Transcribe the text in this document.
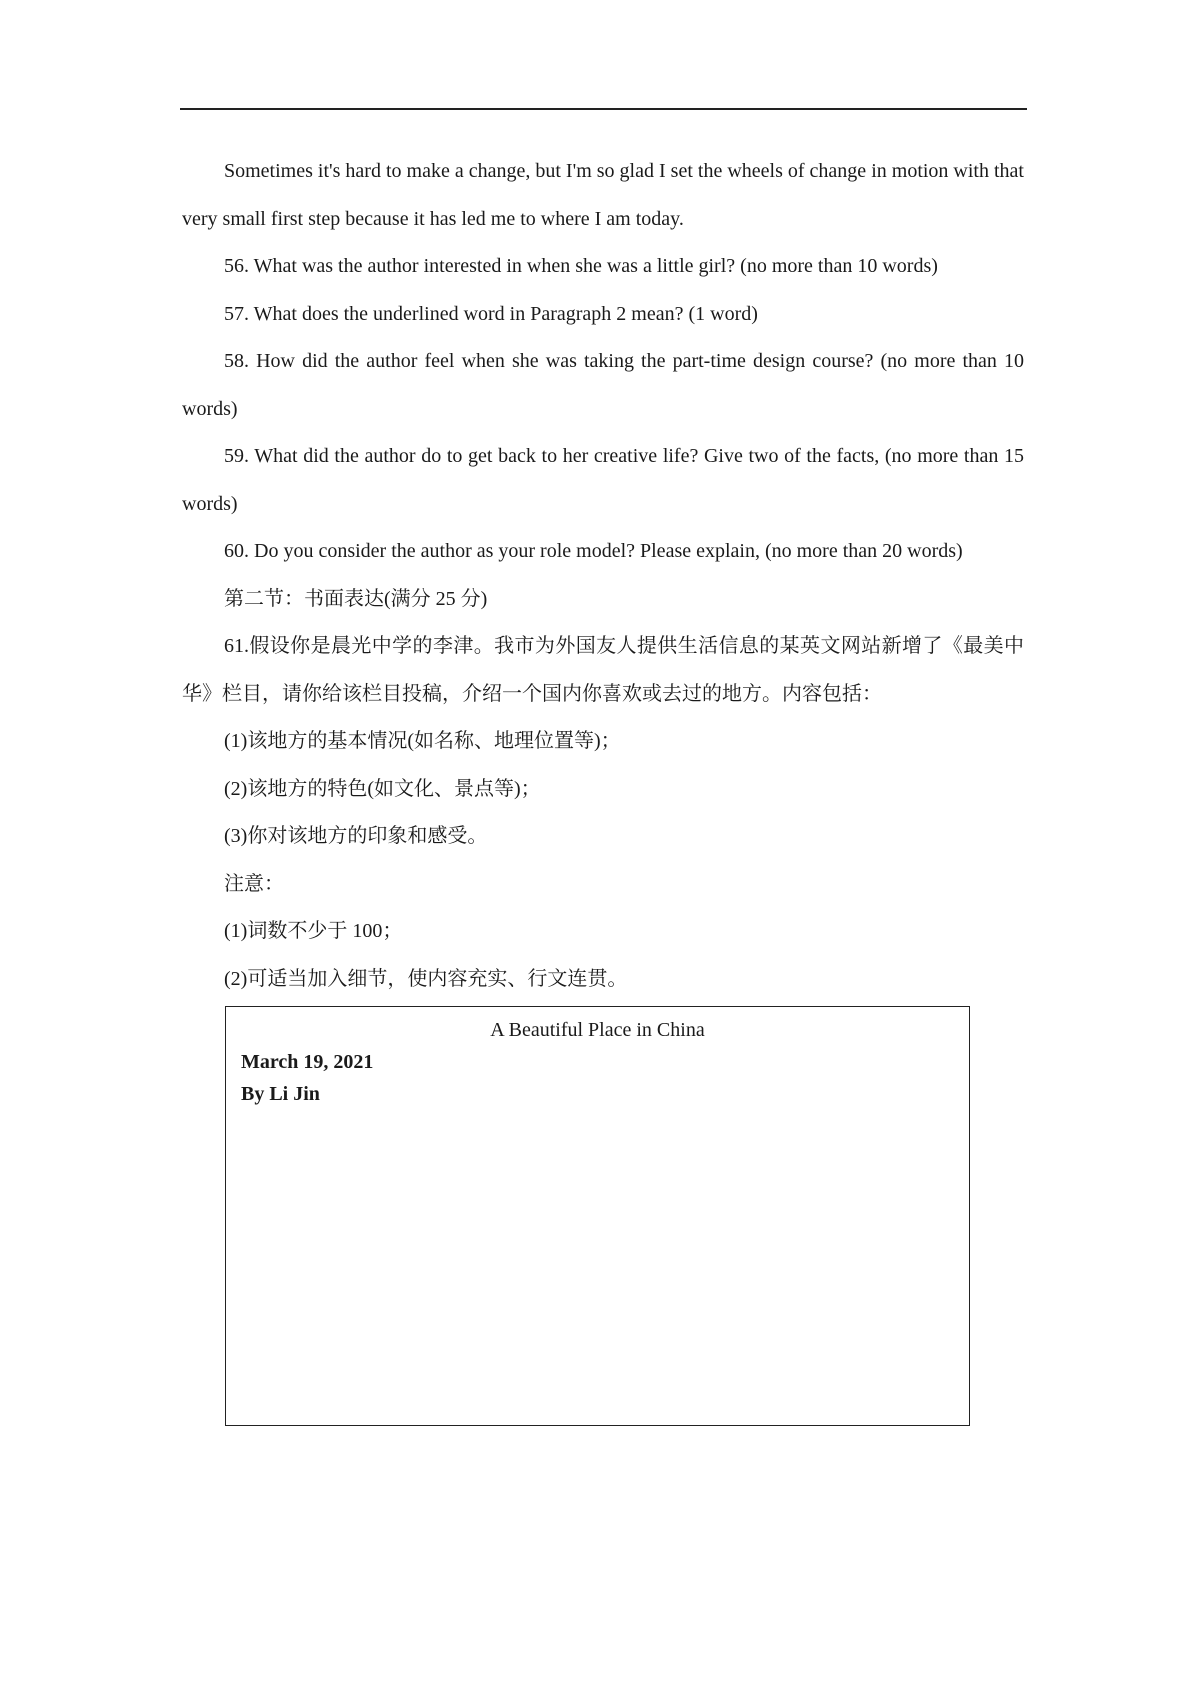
Sometimes it's hard to make a change, but I'm so glad I set the wheels of change in motion with that very small first step because it has led me to where I am today.

56. What was the author interested in when she was a little girl? (no more than 10 words)

57. What does the underlined word in Paragraph 2 mean? (1 word)

58. How did the author feel when she was taking the part-time design course? (no more than 10 words)

59. What did the author do to get back to her creative life? Give two of the facts, (no more than 15 words)

60. Do you consider the author as your role model? Please explain, (no more than 20 words)

第二节：书面表达(满分 25 分)

61.假设你是晨光中学的李津。我市为外国友人提供生活信息的某英文网站新增了《最美中华》栏目，请你给该栏目投稿，介绍一个国内你喜欢或去过的地方。内容包括：

(1)该地方的基本情况(如名称、地理位置等)；

(2)该地方的特色(如文化、景点等)；

(3)你对该地方的印象和感受。

注意：

(1)词数不少于 100；

(2)可适当加入细节，使内容充实、行文连贯。

A Beautiful Place in China
March 19, 2021
By Li Jin
